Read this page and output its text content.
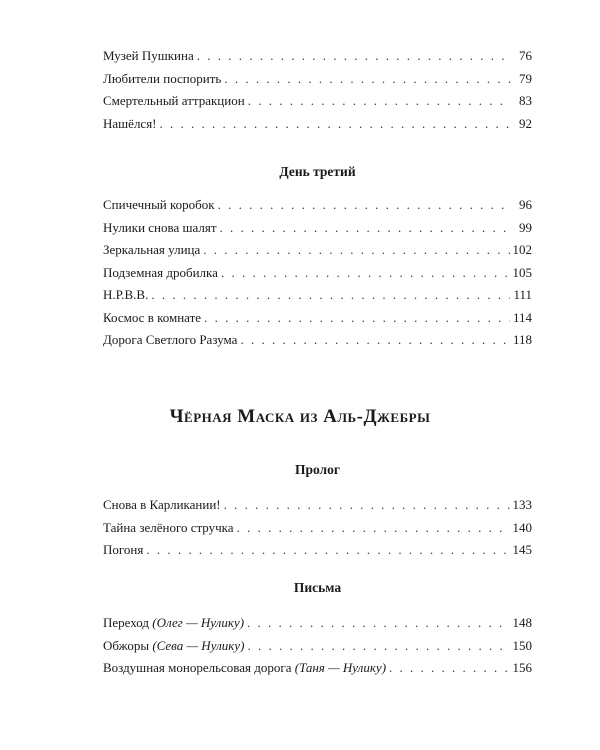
Музей Пушкина . . .	76
Любители поспорить . . .	79
Смертельный аттракцион . . .	83
Нашёлся! . . .	92
День третий
Спичечный коробок . . .	96
Нулики снова шалят . . .	99
Зеркальная улица . . .	102
Подземная дробилка . . .	105
Н.Р.В.В. . . .	111
Космос в комнате . . .	114
Дорога Светлого Разума . . .	118
Чёрная Маска из Аль-Джебры
Пролог
Снова в Карликании! . . .	133
Тайна зелёного стручка . . .	140
Погоня . . .	145
Письма
Переход (Олег — Нулику) . . .	148
Обжоры (Сева — Нулику) . . .	150
Воздушная монорельсовая дорога (Таня — Нулику) . . .	156
